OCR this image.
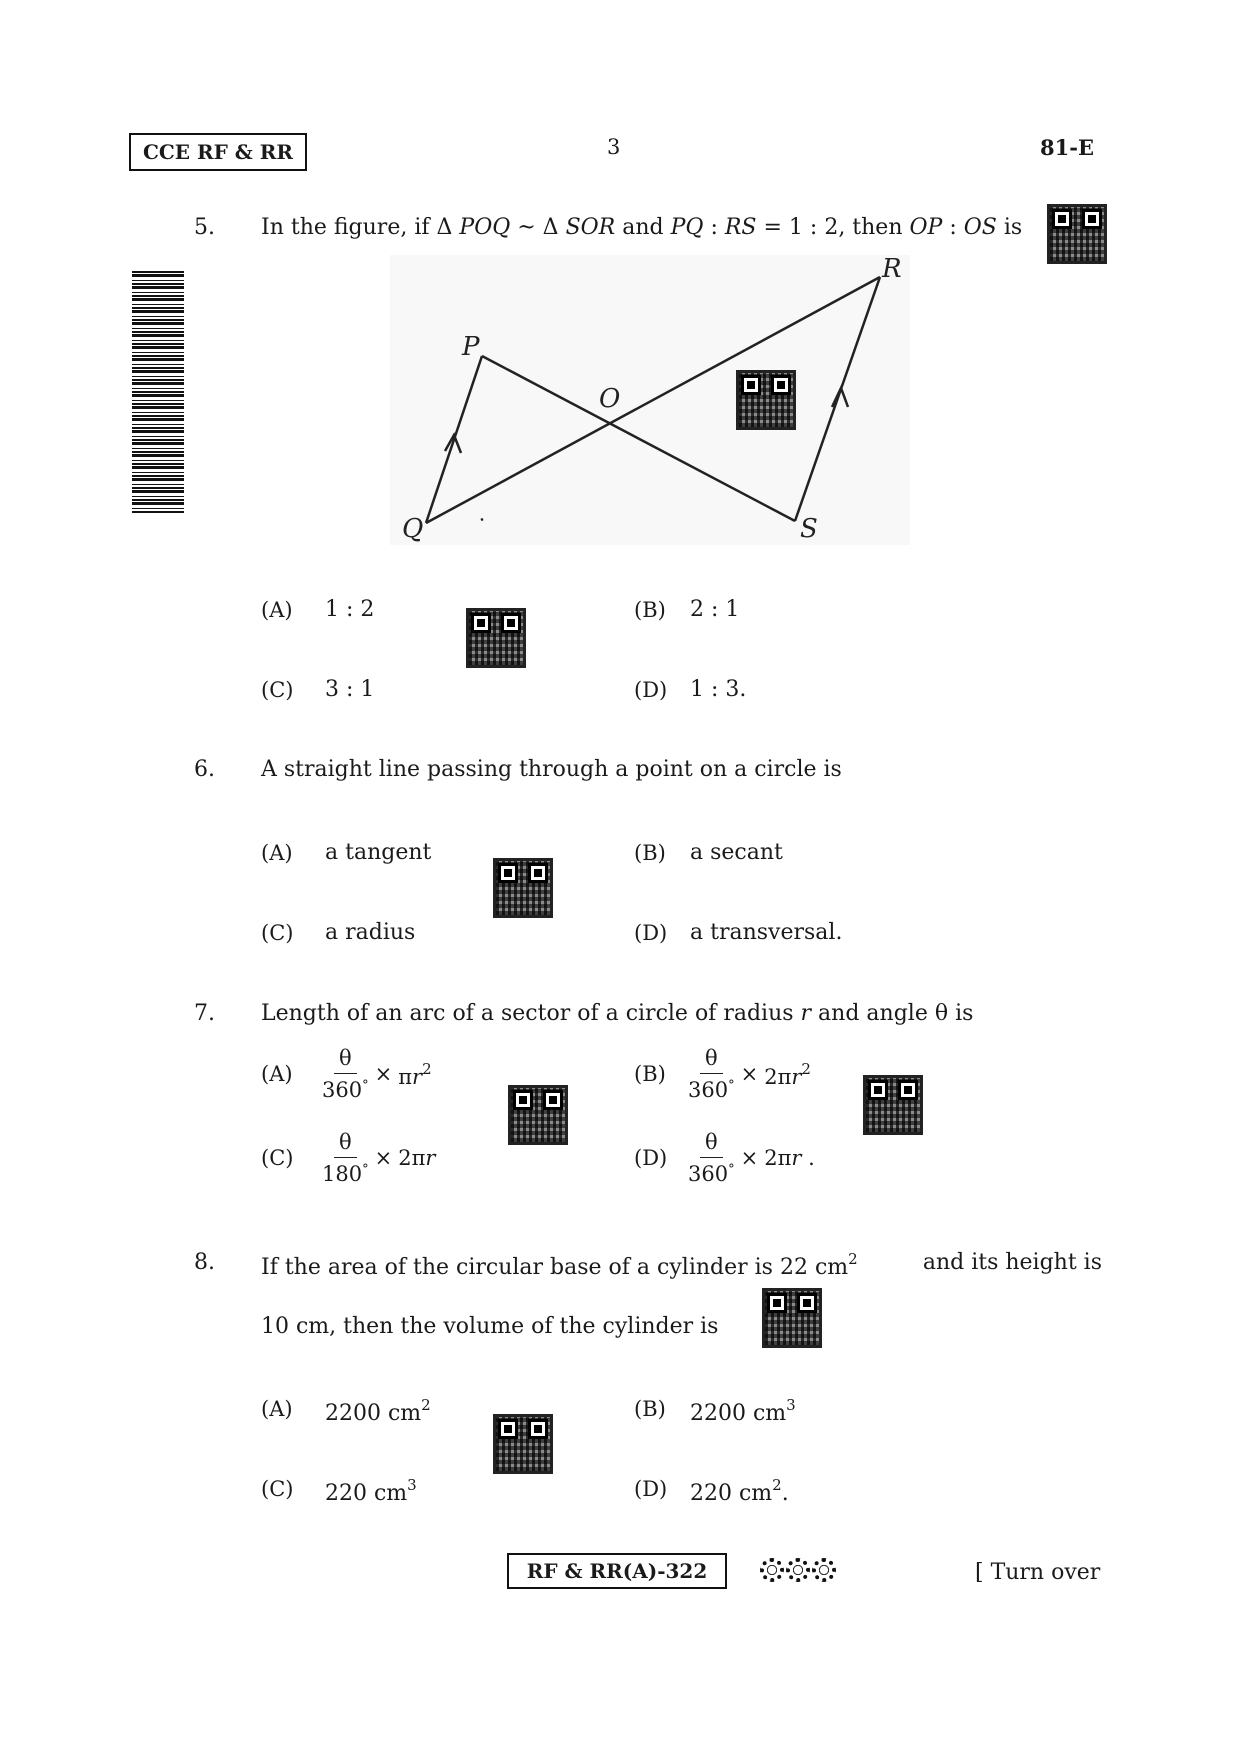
CCE RF & RR	3	81-E
5. In the figure, if Δ POQ ~ Δ SOR and PQ : RS = 1 : 2, then OP : OS is
P
Q
O
R
S
(A) 1 : 2	(B) 2 : 1
(C) 3 : 1	(D) 1 : 3.
6. A straight line passing through a point on a circle is
(A) a tangent	(B) a secant
(C) a radius	(D) a transversal.
7. Length of an arc of a sector of a circle of radius r and angle θ is
$(A) \frac{\theta}{360^\circ} \times \pi r^2$	$(B) \frac{\theta}{360^\circ} \times 2\pi r^2$
$(C) \frac{\theta}{180^\circ} \times 2\pi r$	$(D) \frac{\theta}{360^\circ} \times 2\pi r$ .
8. If the area of the circular base of a cylinder is 22 $cm^2$	and its height is
10 cm, then the volume of the cylinder is
(A) 2200 $cm^2$	(B) 2200 $cm^3$
(C) 220 $cm^3$	(D) 220 $cm^2$.
RF & RR(A)-322	[ Turn over
